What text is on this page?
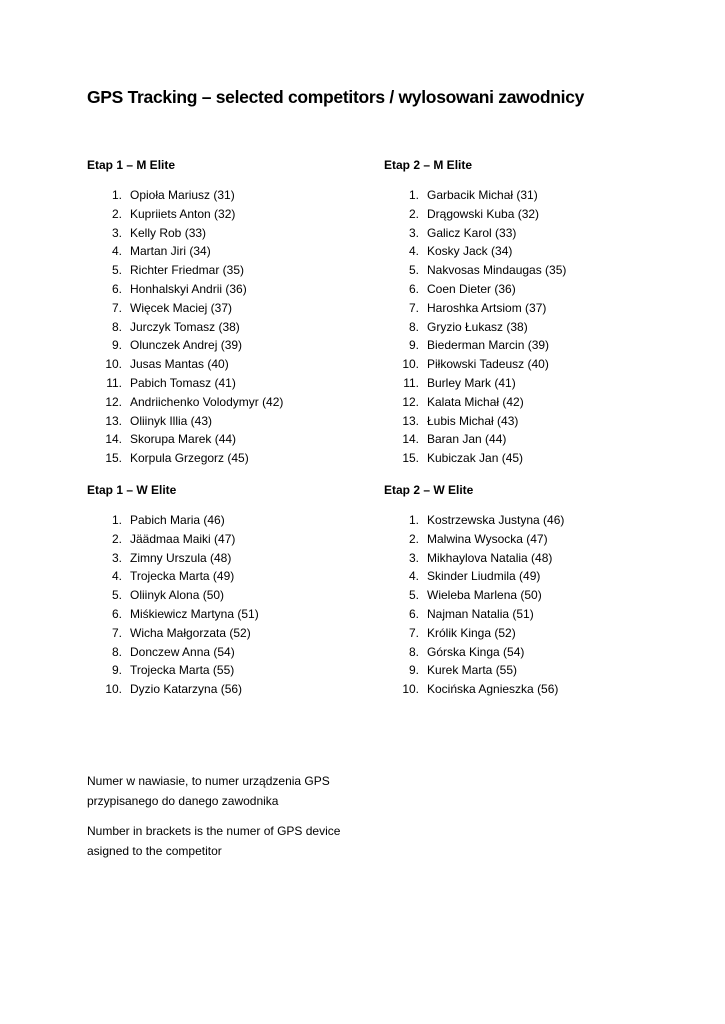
GPS Tracking – selected competitors / wylosowani zawodnicy
Etap 1 – M Elite
1. Opioła Mariusz (31)
2. Kupriiets Anton (32)
3. Kelly Rob (33)
4. Martan Jiri (34)
5. Richter Friedmar (35)
6. Honhalskyi Andrii (36)
7. Więcek Maciej (37)
8. Jurczyk Tomasz (38)
9. Olunczek Andrej (39)
10. Jusas Mantas (40)
11. Pabich Tomasz (41)
12. Andriichenko Volodymyr (42)
13. Oliinyk Illia (43)
14. Skorupa Marek (44)
15. Korpula Grzegorz (45)
Etap 2 – M Elite
1. Garbacik Michał (31)
2. Drągowski Kuba (32)
3. Galicz Karol (33)
4. Kosky Jack (34)
5. Nakvosas Mindaugas (35)
6. Coen Dieter (36)
7. Haroshka Artsiom (37)
8. Gryzio Łukasz (38)
9. Biederman Marcin (39)
10. Piłkowski Tadeusz (40)
11. Burley Mark (41)
12. Kalata Michał (42)
13. Łubis Michał (43)
14. Baran Jan (44)
15. Kubiczak Jan (45)
Etap 1 – W Elite
1. Pabich Maria (46)
2. Jäädmaa Maiki (47)
3. Zimny Urszula (48)
4. Trojecka Marta (49)
5. Oliinyk Alona (50)
6. Miśkiewicz Martyna (51)
7. Wicha Małgorzata (52)
8. Donczew Anna (54)
9. Trojecka Marta (55)
10. Dyzio Katarzyna (56)
Etap 2 – W Elite
1. Kostrzewska Justyna (46)
2. Malwina Wysocka (47)
3. Mikhaylova Natalia (48)
4. Skinder Liudmila (49)
5. Wieleba Marlena (50)
6. Najman Natalia (51)
7. Królik Kinga (52)
8. Górska Kinga (54)
9. Kurek Marta (55)
10. Kocińska Agnieszka (56)
Numer w nawiasie, to numer urządzenia GPS przypisanego do danego zawodnika
Number in brackets is the numer of GPS device asigned to the competitor
